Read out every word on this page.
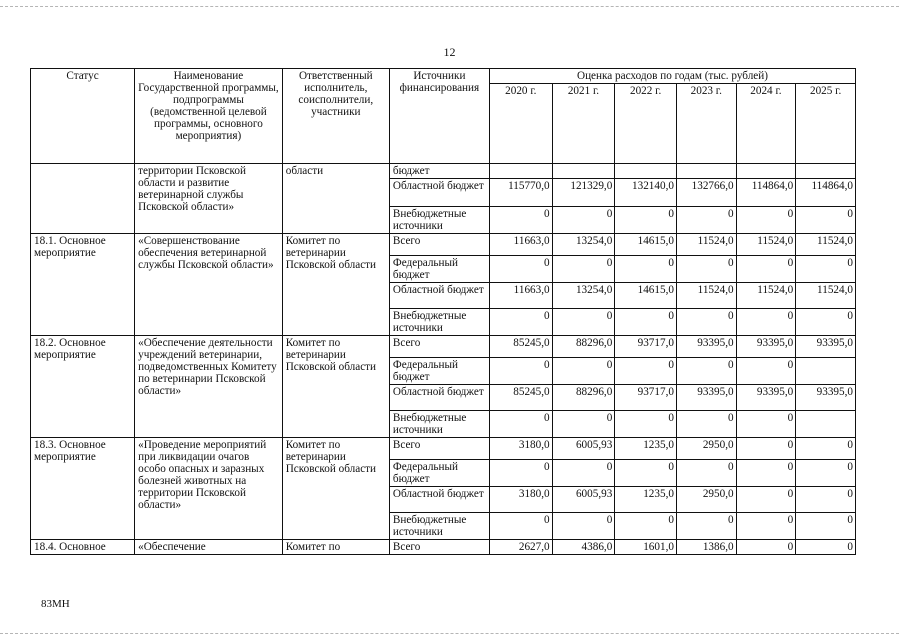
12
Статус	Наименование Государственной программы, подпрограммы (ведомственной целевой программы, основного мероприятия)	Ответственный исполнитель, соисполнители, участники	Источники финансирования	Оценка расходов по годам (тыс. рублей)					
				2020 г.	2021 г.	2022 г.	2023 г.	2024 г.	2025 г.
	территории Псковской области и развитие ветеринарной службы Псковской области»	области	бюджет						
			Областной бюджет	115770,0	121329,0	132140,0	132766,0	114864,0	114864,0
			Внебюджетные источники	0	0	0	0	0	0
18.1. Основное мероприятие	«Совершенствование обеспечения ветеринарной службы Псковской области»	Комитет по ветеринарии Псковской области	Всего	11663,0	13254,0	14615,0	11524,0	11524,0	11524,0
			Федеральный бюджет	0	0	0	0	0	0
			Областной бюджет	11663,0	13254,0	14615,0	11524,0	11524,0	11524,0
			Внебюджетные источники	0	0	0	0	0	0
18.2. Основное мероприятие	«Обеспечение деятельности учреждений ветеринарии, подведомственных Комитету по ветеринарии Псковской области»	Комитет по ветеринарии Псковской области	Всего	85245,0	88296,0	93717,0	93395,0	93395,0	93395,0
			Федеральный бюджет	0	0	0	0	0	
			Областной бюджет	85245,0	88296,0	93717,0	93395,0	93395,0	93395,0
			Внебюджетные источники	0	0	0	0	0	
18.3. Основное мероприятие	«Проведение мероприятий при ликвидации очагов особо опасных и заразных болезней животных на территории Псковской области»	Комитет по ветеринарии Псковской области	Всего	3180,0	6005,93	1235,0	2950,0	0	0
			Федеральный бюджет	0	0	0	0	0	0
			Областной бюджет	3180,0	6005,93	1235,0	2950,0	0	0
			Внебюджетные источники	0	0	0	0	0	0
18.4. Основное	«Обеспечение	Комитет по	Всего	2627,0	4386,0	1601,0	1386,0	0	0
83МН
